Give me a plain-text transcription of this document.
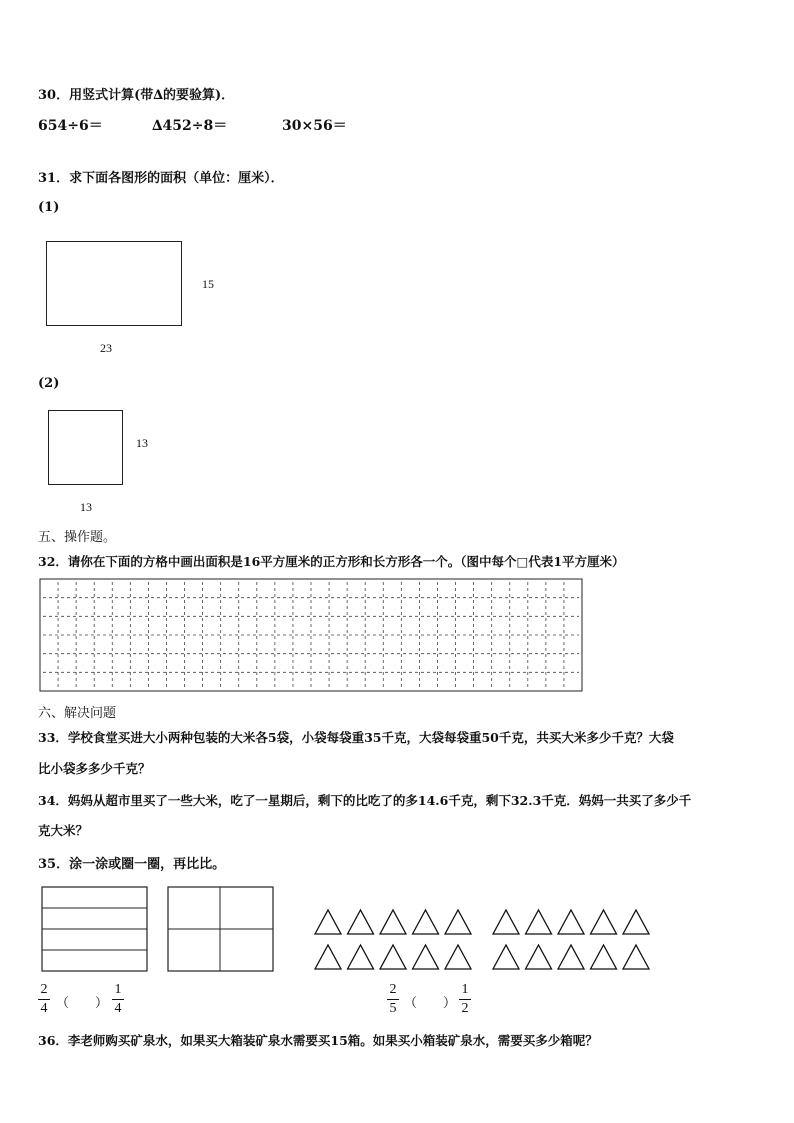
30．用竖式计算(带∆的要验算)．
654÷6＝	∆452÷8＝	30×56＝
31．求下面各图形的面积（单位：厘米）．
(1)
15
23
(2)
13
13
五、操作题。
32．请你在下面的方格中画出面积是16平方厘米的正方形和长方形各一个。（图中每个□代表1平方厘米）
六、解决问题
33．学校食堂买进大小两种包装的大米各5袋，小袋每袋重35千克，大袋每袋重50千克，共买大米多少千克？大袋
比小袋多多少千克？
34．妈妈从超市里买了一些大米，吃了一星期后，剩下的比吃了的多14.6千克，剩下32.3千克．妈妈一共买了多少千
克大米？
35．涂一涂或圈一圈，再比比。
2
4 （　　）
1
4
2
5 （　　）
1
2
36．李老师购买矿泉水，如果买大箱装矿泉水需要买15箱。如果买小箱装矿泉水，需要买多少箱呢？
